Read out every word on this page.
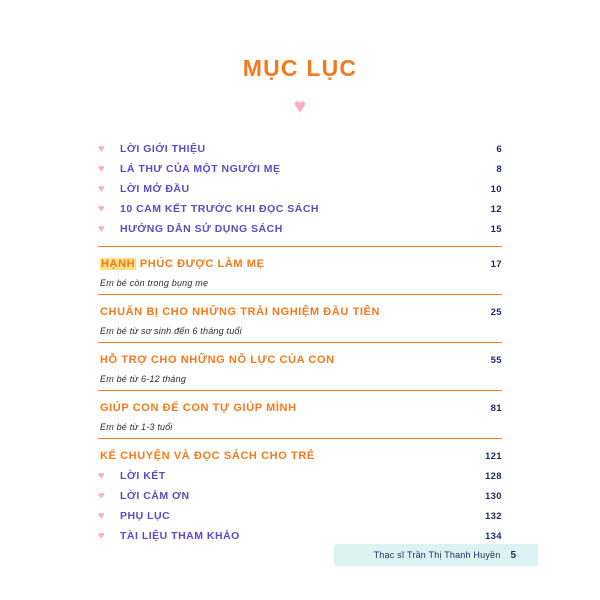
MỤC LỤC
♥
♥	LỜI GIỚI THIỆU	6
♥	LÁ THƯ CỦA MỘT NGƯỜI MẸ	8
♥	LỜI MỞ ĐẦU	10
♥	10 CAM KẾT TRƯỚC KHI ĐỌC SÁCH	12
♥	HƯỚNG DẪN SỬ DỤNG SÁCH	15
HẠNH PHÚC ĐƯỢC LÀM MẸ	17
Em bé còn trong bụng mẹ
CHUẨN BỊ CHO NHỮNG TRẢI NGHIỆM ĐẦU TIÊN	25
Em bé từ sơ sinh đến 6 tháng tuổi
HỖ TRỢ CHO NHỮNG NỖ LỰC CỦA CON	55
Em bé từ 6-12 tháng
GIÚP CON ĐỂ CON TỰ GIÚP MÌNH	81
Em bé từ 1-3 tuổi
KỂ CHUYỆN VÀ ĐỌC SÁCH CHO TRẺ	121
♥	LỜI KẾT	128
♥	LỜI CẢM ƠN	130
♥	PHỤ LỤC	132
♥	TÀI LIỆU THAM KHẢO	134
Thạc sĩ Trần Thị Thanh Huyền 5
